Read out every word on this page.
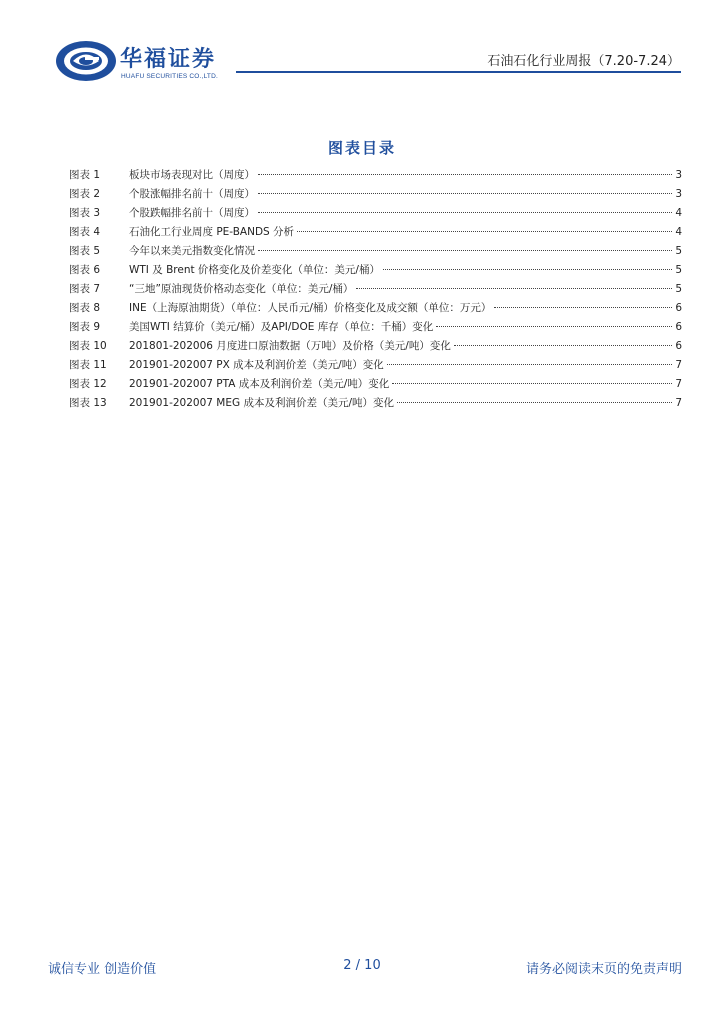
华福证券
HUAFU SECURITIES CO.,LTD.
石油石化行业周报（7.20-7.24）
图表目录
图表 1	板块市场表现对比（周度）	3
图表 2	个股涨幅排名前十（周度）	3
图表 3	个股跌幅排名前十（周度）	4
图表 4	石油化工行业周度 PE-BANDS 分析	4
图表 5	今年以来美元指数变化情况	5
图表 6	WTI 及 Brent 价格变化及价差变化（单位：美元/桶）	5
图表 7	“三地”原油现货价格动态变化（单位：美元/桶）	5
图表 8	INE（上海原油期货）（单位：人民币元/桶）价格变化及成交额（单位：万元）	6
图表 9	美国WTI 结算价（美元/桶）及API/DOE 库存（单位：千桶）变化	6
图表 10	201801-202006 月度进口原油数据（万吨）及价格（美元/吨）变化	6
图表 11	201901-202007 PX 成本及利润价差（美元/吨）变化	7
图表 12	201901-202007 PTA 成本及利润价差（美元/吨）变化	7
图表 13	201901-202007 MEG 成本及利润价差（美元/吨）变化	7
诚信专业 创造价值	2 / 10	请务必阅读末页的免责声明
